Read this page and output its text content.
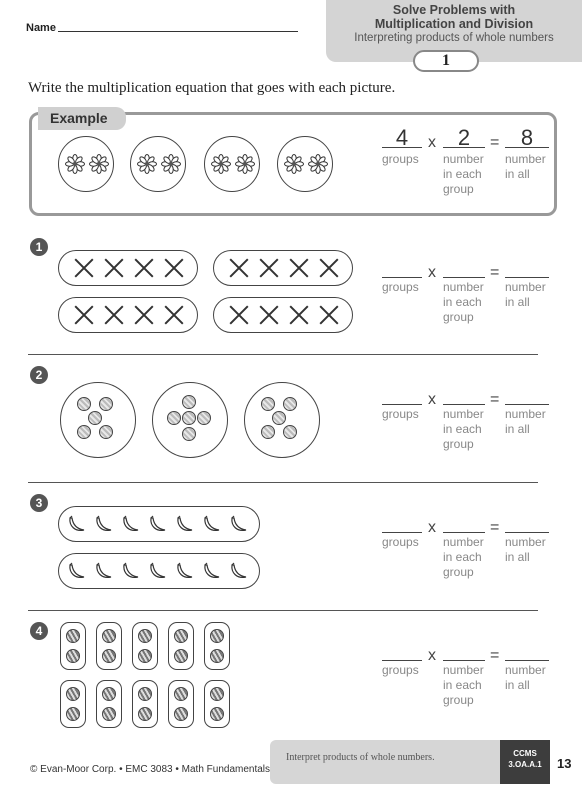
Name
Solve Problems with
Multiplication and Division
Interpreting products of whole numbers
1
Write the multiplication equation that goes with each picture.
Example
4	x 2	= 8
groups number
in each
group
number
in all
1
2
3
4
x	=
groups number
in each
group
number
in all
x	=
groups number
in each
group
number
in all
x	=
groups number
in each
group
number
in all
x	=
groups number
in each
group
number
in all
© Evan-Moor Corp. • EMC 3083 • Math Fundamentals
Interpret products of whole numbers.	CCMS
3.OA.A.1	13
